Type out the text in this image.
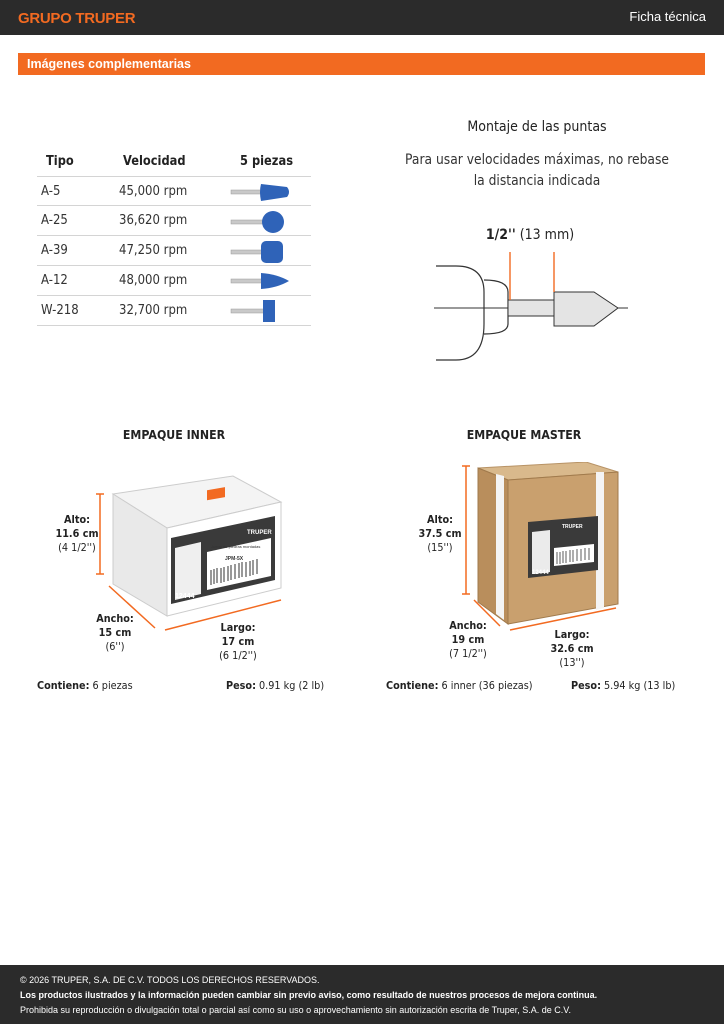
GRUPO TRUPER	Ficha técnica
Imágenes complementarias
Tipo	Velocidad	5 piezas
A-5	45,000 rpm
A-25	36,620 rpm
A-39	47,250 rpm
A-12	48,000 rpm
W-218	32,700 rpm
Montaje de las puntas
Para usar velocidades máximas, no rebase
la distancia indicada
1/2'' (13 mm)
EMPAQUE INNER
TRUPER
Juego de piedras montadas
JPM-5X
12444
Alto:
11.6 cm
(4 1/2'')
Ancho:
15 cm
(6'')
Largo:
17 cm
(6 1/2'')
Contiene: 6 piezas	Peso: 0.91 kg (2 lb)
EMPAQUE MASTER
TRUPER
12444
Alto:
37.5 cm
(15'')
Ancho:
19 cm
(7 1/2'')
Largo:
32.6 cm
(13'')
Contiene: 6 inner (36 piezas)	Peso: 5.94 kg (13 lb)
© 2026 TRUPER, S.A. DE C.V. TODOS LOS DERECHOS RESERVADOS.
Los productos ilustrados y la información pueden cambiar sin previo aviso, como resultado de nuestros procesos de mejora continua.
Prohibida su reproducción o divulgación total o parcial así como su uso o aprovechamiento sin autorización escrita de Truper, S.A. de C.V.
